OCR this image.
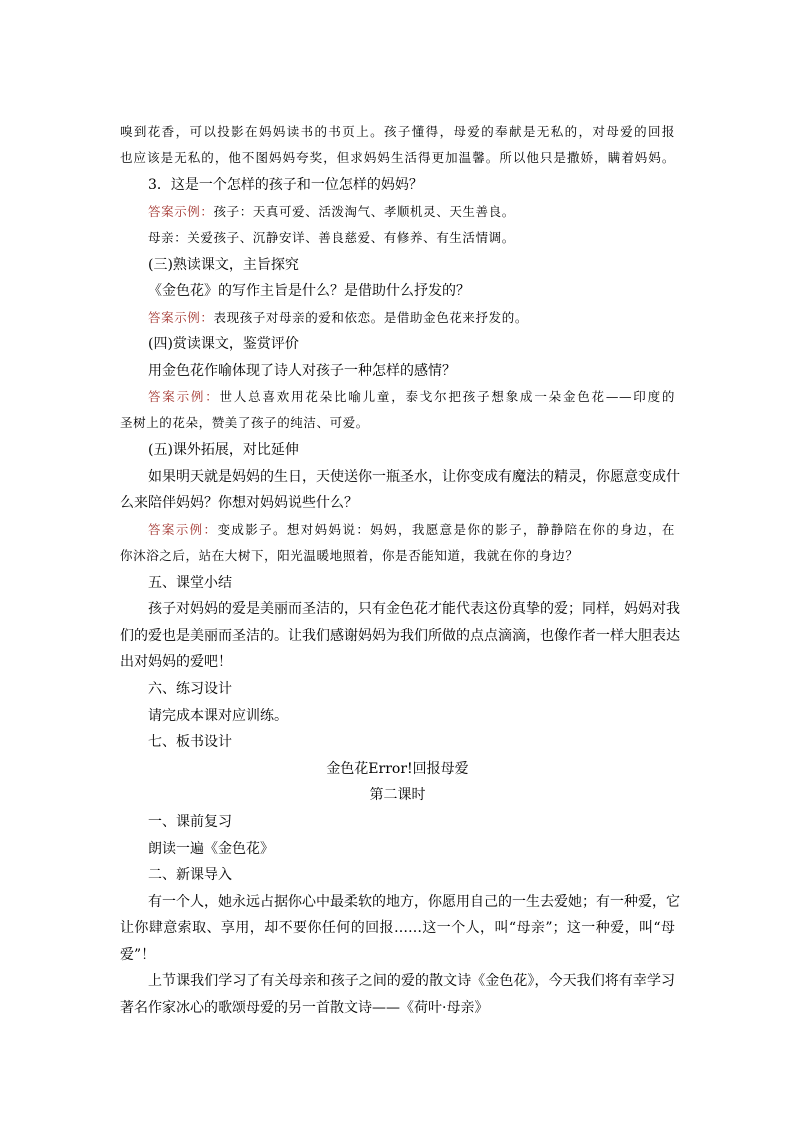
嗅到花香，可以投影在妈妈读书的书页上。孩子懂得，母爱的奉献是无私的，对母爱的回报
也应该是无私的，他不图妈妈夸奖，但求妈妈生活得更加温馨。所以他只是撒娇，瞒着妈妈。
3．这是一个怎样的孩子和一位怎样的妈妈？
答案示例：孩子：天真可爱、活泼淘气、孝顺机灵、天生善良。
母亲：关爱孩子、沉静安详、善良慈爱、有修养、有生活情调。
(三)熟读课文，主旨探究
《金色花》的写作主旨是什么？是借助什么抒发的？
答案示例：表现孩子对母亲的爱和依恋。是借助金色花来抒发的。
(四)赏读课文，鉴赏评价
用金色花作喻体现了诗人对孩子一种怎样的感情？
答案示例：世人总喜欢用花朵比喻儿童，泰戈尔把孩子想象成一朵金色花——印度的
圣树上的花朵，赞美了孩子的纯洁、可爱。
(五)课外拓展，对比延伸
如果明天就是妈妈的生日，天使送你一瓶圣水，让你变成有魔法的精灵，你愿意变成什
么来陪伴妈妈？你想对妈妈说些什么？
答案示例：变成影子。想对妈妈说：妈妈，我愿意是你的影子，静静陪在你的身边，在
你沐浴之后，站在大树下，阳光温暖地照着，你是否能知道，我就在你的身边？
五、课堂小结
孩子对妈妈的爱是美丽而圣洁的，只有金色花才能代表这份真挚的爱；同样，妈妈对我
们的爱也是美丽而圣洁的。让我们感谢妈妈为我们所做的点点滴滴，也像作者一样大胆表达
出对妈妈的爱吧！
六、练习设计
请完成本课对应训练。
七、板书设计
金色花Error!回报母爱
第二课时
一、课前复习
朗读一遍《金色花》
二、新课导入
有一个人，她永远占据你心中最柔软的地方，你愿用自己的一生去爱她；有一种爱，它
让你肆意索取、享用，却不要你任何的回报……这一个人，叫“母亲”；这一种爱，叫“母
爱”！
上节课我们学习了有关母亲和孩子之间的爱的散文诗《金色花》，今天我们将有幸学习
著名作家冰心的歌颂母爱的另一首散文诗——《荷叶·母亲》
